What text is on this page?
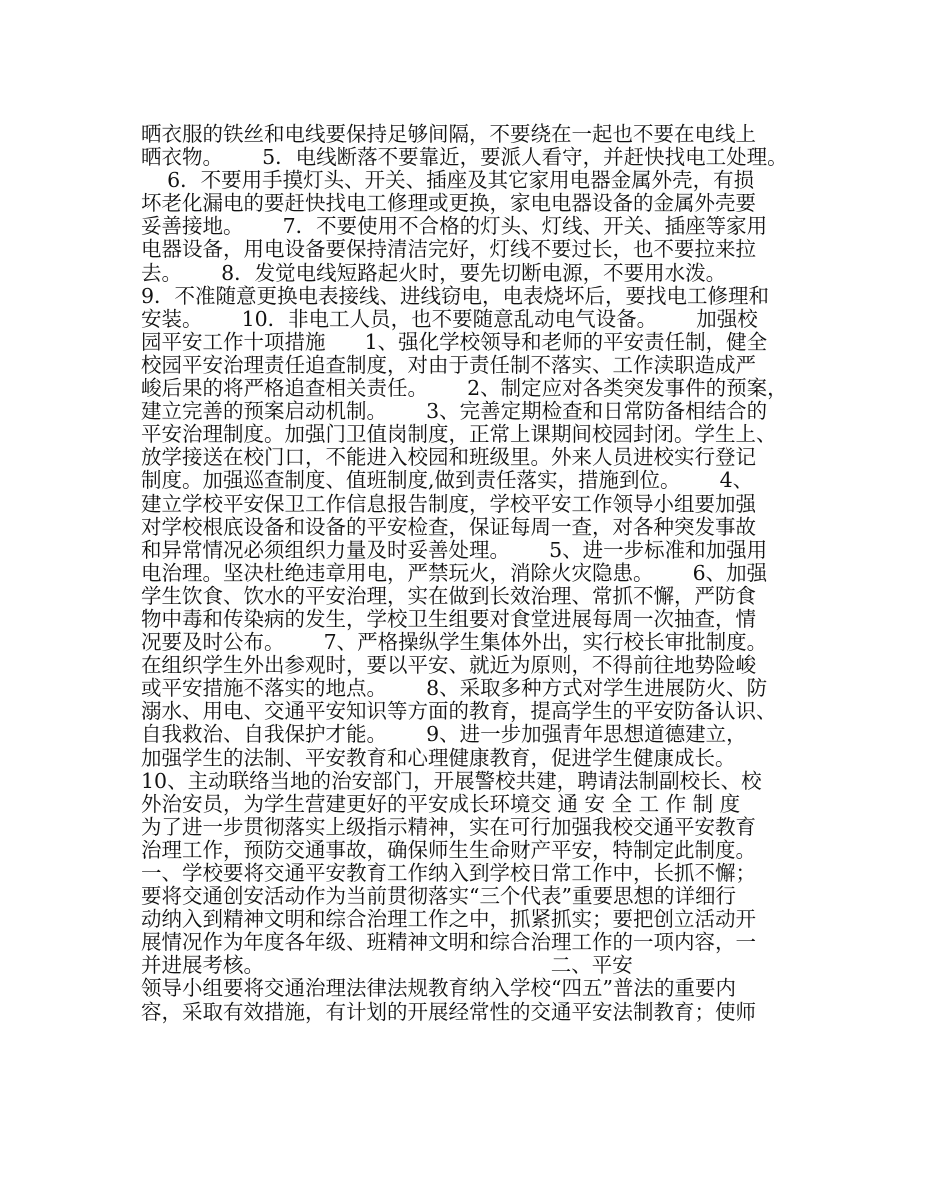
晒衣服的铁丝和电线要保持足够间隔，不要绕在一起也不要在电线上
晒衣物。      5．电线断落不要靠近，要派人看守，并赶快找电工处理。
6．不要用手摸灯头、开关、插座及其它家用电器金属外壳，有损
坏老化漏电的要赶快找电工修理或更换，家电电器设备的金属外壳要
妥善接地。      7．不要使用不合格的灯头、灯线、开关、插座等家用
电器设备，用电设备要保持清洁完好，灯线不要过长，也不要拉来拉
去。      8．发觉电线短路起火时，要先切断电源，不要用水泼。
9．不准随意更换电表接线、进线窃电，电表烧坏后，要找电工修理和
安装。      10．非电工人员，也不要随意乱动电气设备。      加强校
园平安工作十项措施      1、强化学校领导和老师的平安责任制，健全
校园平安治理责任追查制度，对由于责任制不落实、工作渎职造成严
峻后果的将严格追查相关责任。      2、制定应对各类突发事件的预案，
建立完善的预案启动机制。      3、完善定期检查和日常防备相结合的
平安治理制度。加强门卫值岗制度，正常上课期间校园封闭。学生上、
放学接送在校门口，不能进入校园和班级里。外来人员进校实行登记
制度。加强巡查制度、值班制度,做到责任落实，措施到位。      4、
建立学校平安保卫工作信息报告制度，学校平安工作领导小组要加强
对学校根底设备和设备的平安检查，保证每周一查，对各种突发事故
和异常情况必须组织力量及时妥善处理。      5、进一步标准和加强用
电治理。坚决杜绝违章用电，严禁玩火，消除火灾隐患。      6、加强
学生饮食、饮水的平安治理，实在做到长效治理、常抓不懈，严防食
物中毒和传染病的发生，学校卫生组要对食堂进展每周一次抽查，情
况要及时公布。      7、严格操纵学生集体外出，实行校长审批制度。
在组织学生外出参观时，要以平安、就近为原则，不得前往地势险峻
或平安措施不落实的地点。      8、采取多种方式对学生进展防火、防
溺水、用电、交通平安知识等方面的教育，提高学生的平安防备认识、
自我救治、自我保护才能。      9、进一步加强青年思想道德建立，
加强学生的法制、平安教育和心理健康教育，促进学生健康成长。
10、主动联络当地的治安部门，开展警校共建，聘请法制副校长、校
外治安员，为学生营建更好的平安成长环境交 通 安 全 工 作 制 度
为了进一步贯彻落实上级指示精神，实在可行加强我校交通平安教育
治理工作，预防交通事故，确保师生生命财产平安，特制定此制度。
一、学校要将交通平安教育工作纳入到学校日常工作中，长抓不懈；
要将交通创安活动作为当前贯彻落实“三个代表”重要思想的详细行
动纳入到精神文明和综合治理工作之中，抓紧抓实；要把创立活动开
展情况作为年度各年级、班精神文明和综合治理工作的一项内容，一
并进展考核。                                            二、平安
领导小组要将交通治理法律法规教育纳入学校“四五”普法的重要内
容，采取有效措施，有计划的开展经常性的交通平安法制教育；使师
